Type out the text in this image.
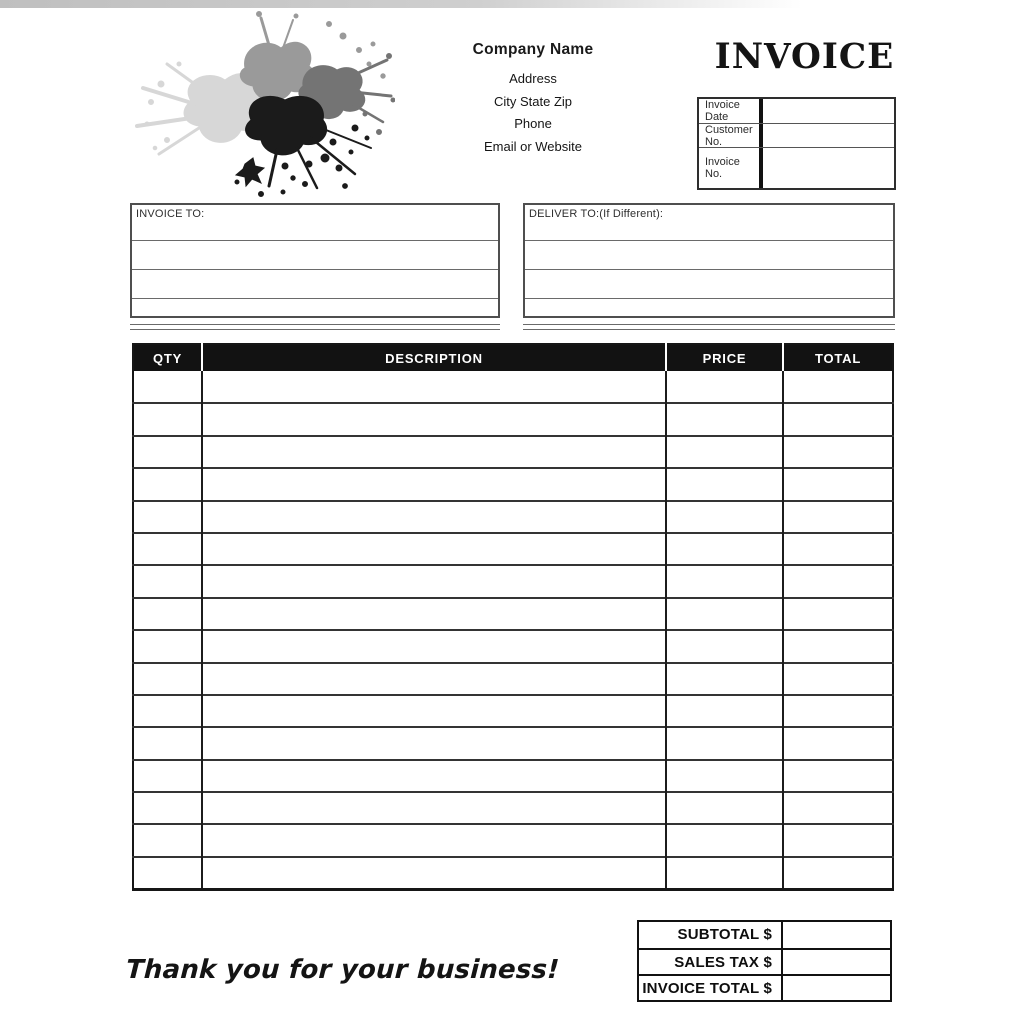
Company Name
Address
City State Zip
Phone
Email or Website
INVOICE
Invoice Date
Customer No.
Invoice No.
INVOICE TO:	DELIVER TO:(If Different):
QTY	DESCRIPTION	PRICE	TOTAL

SUBTOTAL $
SALES TAX $
INVOICE TOTAL $
Thank you for your business!
